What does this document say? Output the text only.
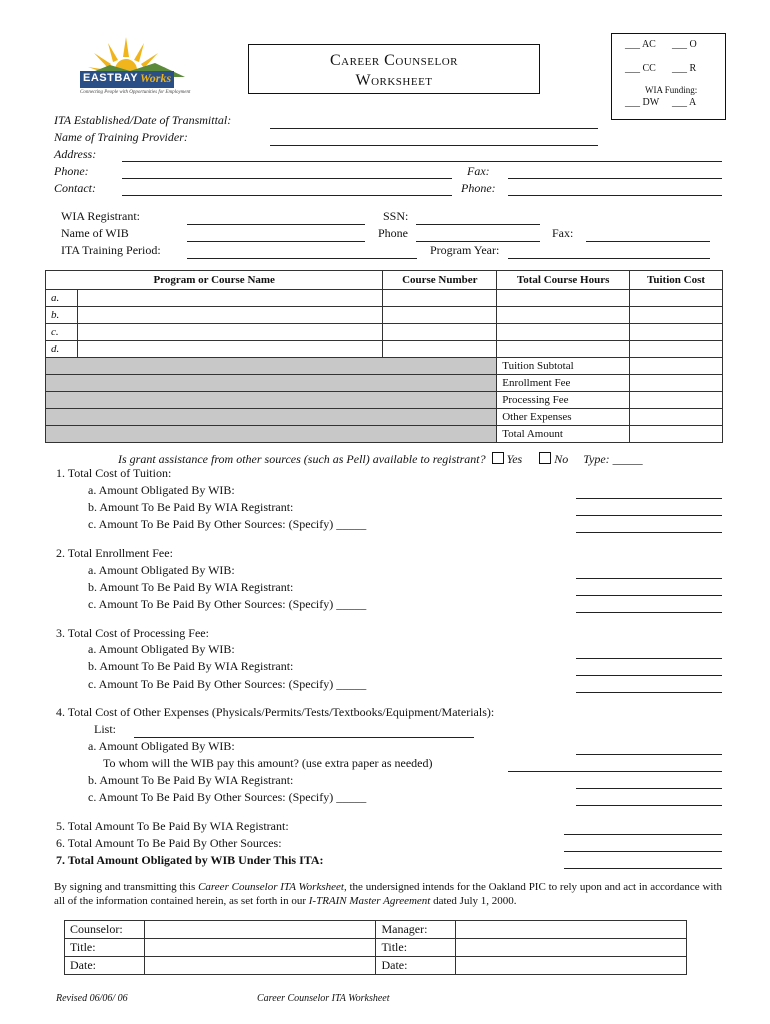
EASTBAY Works
Connecting People with Opportunities for Employment
Career Counselor
Worksheet
___ AC ___ O
___ CC ___ R
WIA Funding:
___ DW ___ A
ITA Established/Date of Transmittal:
Name of Training Provider:
Address:
Phone:	Fax:
Contact:	Phone:
WIA Registrant:	SSN:
Name of WIB	Phone	Fax:
ITA Training Period:	Program Year:
Program or Course Name		Course Number	Total Course Hours	Tuition Cost
a.				
b.				
c.				
d.				
			Tuition Subtotal	
			Enrollment Fee	
			Processing Fee	
			Other Expenses	
			Total Amount	
Is grant assistance from other sources (such as Pell) available to registrant? Yes	No Type: _____
1. Total Cost of Tuition:
a. Amount Obligated By WIB:
b. Amount To Be Paid By WIA Registrant:
c. Amount To Be Paid By Other Sources: (Specify) _____
2. Total Enrollment Fee:
a. Amount Obligated By WIB:
b. Amount To Be Paid By WIA Registrant:
c. Amount To Be Paid By Other Sources: (Specify) _____
3. Total Cost of Processing Fee:
a. Amount Obligated By WIB:
b. Amount To Be Paid By WIA Registrant:
c. Amount To Be Paid By Other Sources: (Specify) _____
4. Total Cost of Other Expenses (Physicals/Permits/Tests/Textbooks/Equipment/Materials):
List:
a. Amount Obligated By WIB:
To whom will the WIB pay this amount? (use extra paper as needed)
b. Amount To Be Paid By WIA Registrant:
c. Amount To Be Paid By Other Sources: (Specify) _____
5. Total Amount To Be Paid By WIA Registrant:
6. Total Amount To Be Paid By Other Sources:
7. Total Amount Obligated by WIB Under This ITA:
By signing and transmitting this Career Counselor ITA Worksheet, the undersigned intends for the Oakland PIC to rely upon and act in accordance with all of the information contained herein, as set forth in our I-TRAIN Master Agreement dated July 1, 2000.
Counselor:		Manager:	
Title:		Title:	
Date:		Date:	
Revised 06/06/ 06	Career Counselor ITA Worksheet
